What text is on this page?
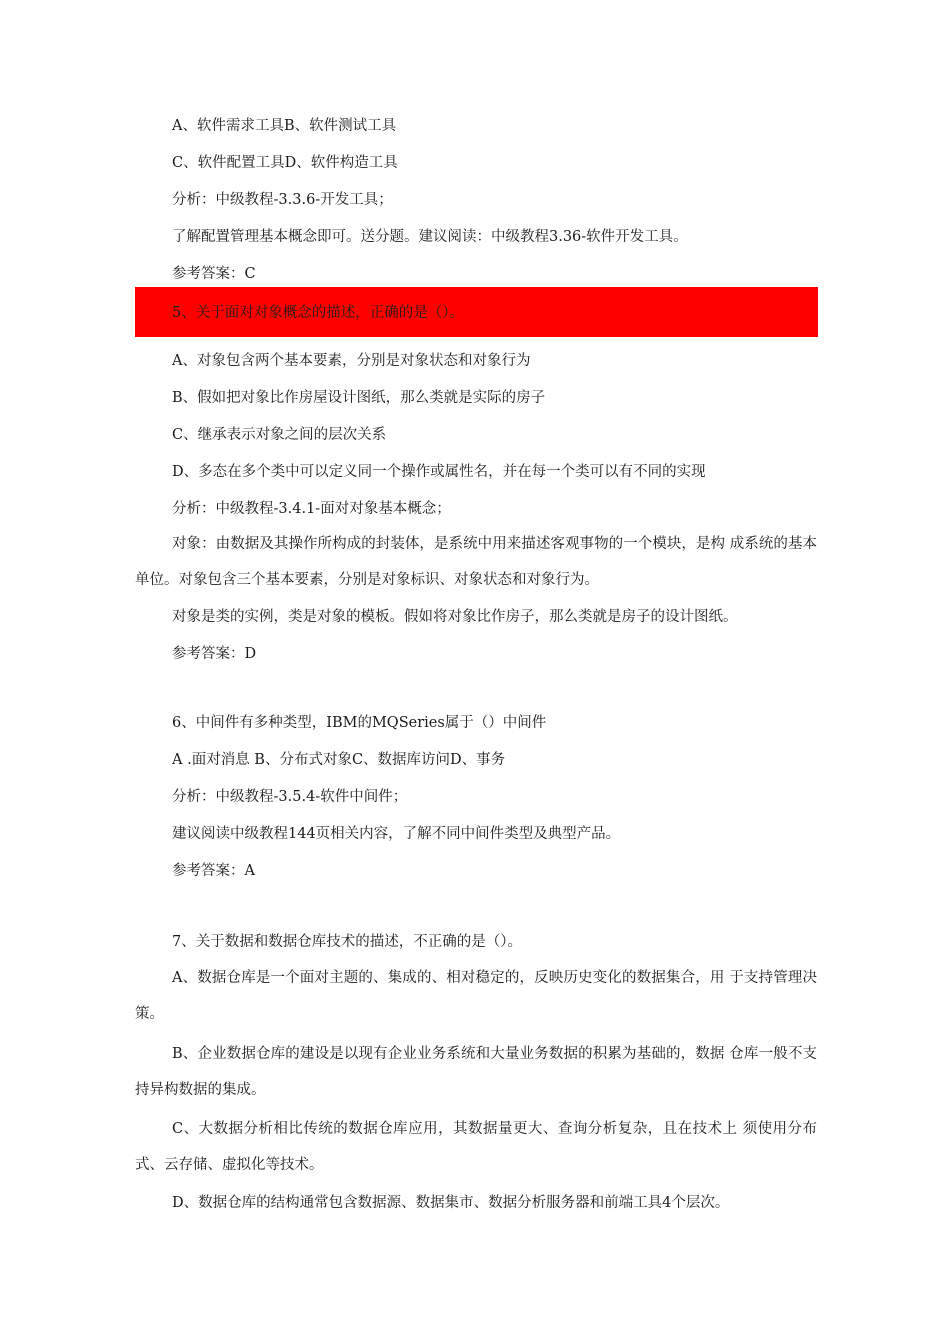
A、软件需求工具B、软件测试工具
C、软件配置工具D、软件构造工具
分析：中级教程-3.3.6-开发工具；
了解配置管理基本概念即可。送分题。建议阅读：中级教程3.36-软件开发工具。
参考答案：C
5、关于面对对象概念的描述，正确的是（）。
A、对象包含两个基本要素，分别是对象状态和对象行为
B、假如把对象比作房屋设计图纸，那么类就是实际的房子
C、继承表示对象之间的层次关系
D、多态在多个类中可以定义同一个操作或属性名，并在每一个类可以有不同的实现
分析：中级教程-3.4.1-面对对象基本概念；
对象：由数据及其操作所构成的封装体，是系统中用来描述客观事物的一个模块，是构 成系统的基本单位。对象包含三个基本要素，分别是对象标识、对象状态和对象行为。
对象是类的实例，类是对象的模板。假如将对象比作房子，那么类就是房子的设计图纸。
参考答案：D
6、中间件有多种类型，IBM的MQSeries属于（）中间件
A .面对消息 B、分布式对象C、数据库访问D、事务
分析：中级教程-3.5.4-软件中间件；
建议阅读中级教程144页相关内容，了解不同中间件类型及典型产品。
参考答案：A
7、关于数据和数据仓库技术的描述，不正确的是（）。
A、数据仓库是一个面对主题的、集成的、相对稳定的，反映历史变化的数据集合，用 于支持管理决策。
B、企业数据仓库的建设是以现有企业业务系统和大量业务数据的积累为基础的，数据 仓库一般不支持异构数据的集成。
C、大数据分析相比传统的数据仓库应用，其数据量更大、查询分析复杂，且在技术上 须使用分布式、云存储、虚拟化等技术。
D、数据仓库的结构通常包含数据源、数据集市、数据分析服务器和前端工具4个层次。
